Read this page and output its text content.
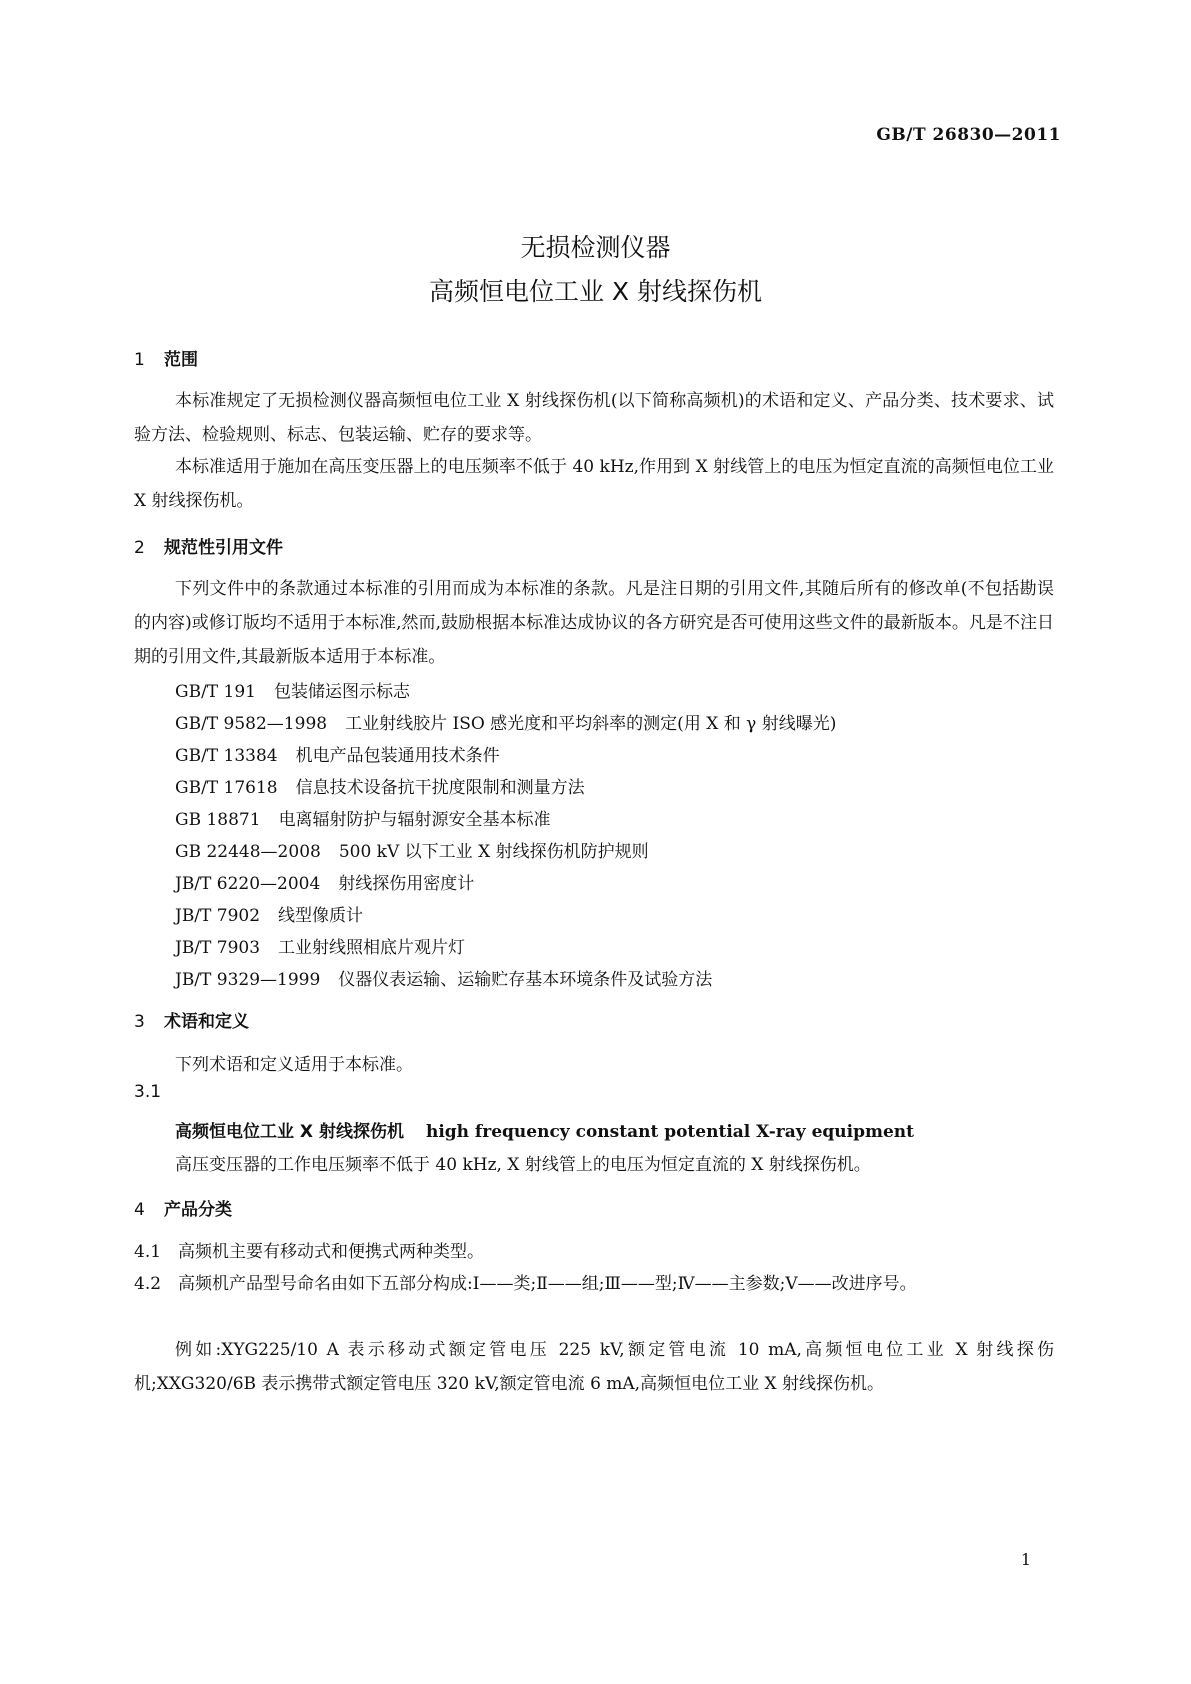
GB/T 26830—2011
无损检测仪器
高频恒电位工业 X 射线探伤机
1 范围
本标准规定了无损检测仪器高频恒电位工业 X 射线探伤机(以下简称高频机)的术语和定义、产品分类、技术要求、试验方法、检验规则、标志、包装运输、贮存的要求等。
本标准适用于施加在高压变压器上的电压频率不低于 40 kHz,作用到 X 射线管上的电压为恒定直流的高频恒电位工业 X 射线探伤机。
2 规范性引用文件
下列文件中的条款通过本标准的引用而成为本标准的条款。凡是注日期的引用文件,其随后所有的修改单(不包括勘误的内容)或修订版均不适用于本标准,然而,鼓励根据本标准达成协议的各方研究是否可使用这些文件的最新版本。凡是不注日期的引用文件,其最新版本适用于本标准。
GB/T 191 包装储运图示标志
GB/T 9582—1998 工业射线胶片 ISO 感光度和平均斜率的测定(用 X 和 γ 射线曝光)
GB/T 13384 机电产品包装通用技术条件
GB/T 17618 信息技术设备抗干扰度限制和测量方法
GB 18871 电离辐射防护与辐射源安全基本标准
GB 22448—2008 500 kV 以下工业 X 射线探伤机防护规则
JB/T 6220—2004 射线探伤用密度计
JB/T 7902 线型像质计
JB/T 7903 工业射线照相底片观片灯
JB/T 9329—1999 仪器仪表运输、运输贮存基本环境条件及试验方法
3 术语和定义
下列术语和定义适用于本标准。
3.1
高频恒电位工业 X 射线探伤机 high frequency constant potential X-ray equipment
高压变压器的工作电压频率不低于 40 kHz, X 射线管上的电压为恒定直流的 X 射线探伤机。
4 产品分类
4.1　高频机主要有移动式和便携式两种类型。
4.2　高频机产品型号命名由如下五部分构成:Ⅰ——类;Ⅱ——组;Ⅲ——型;Ⅳ——主参数;Ⅴ——改进序号。
例如:XYG225/10 A 表示移动式额定管电压 225 kV,额定管电流 10 mA,高频恒电位工业 X 射线探伤机;XXG320/6B 表示携带式额定管电压 320 kV,额定管电流 6 mA,高频恒电位工业 X 射线探伤机。
1
